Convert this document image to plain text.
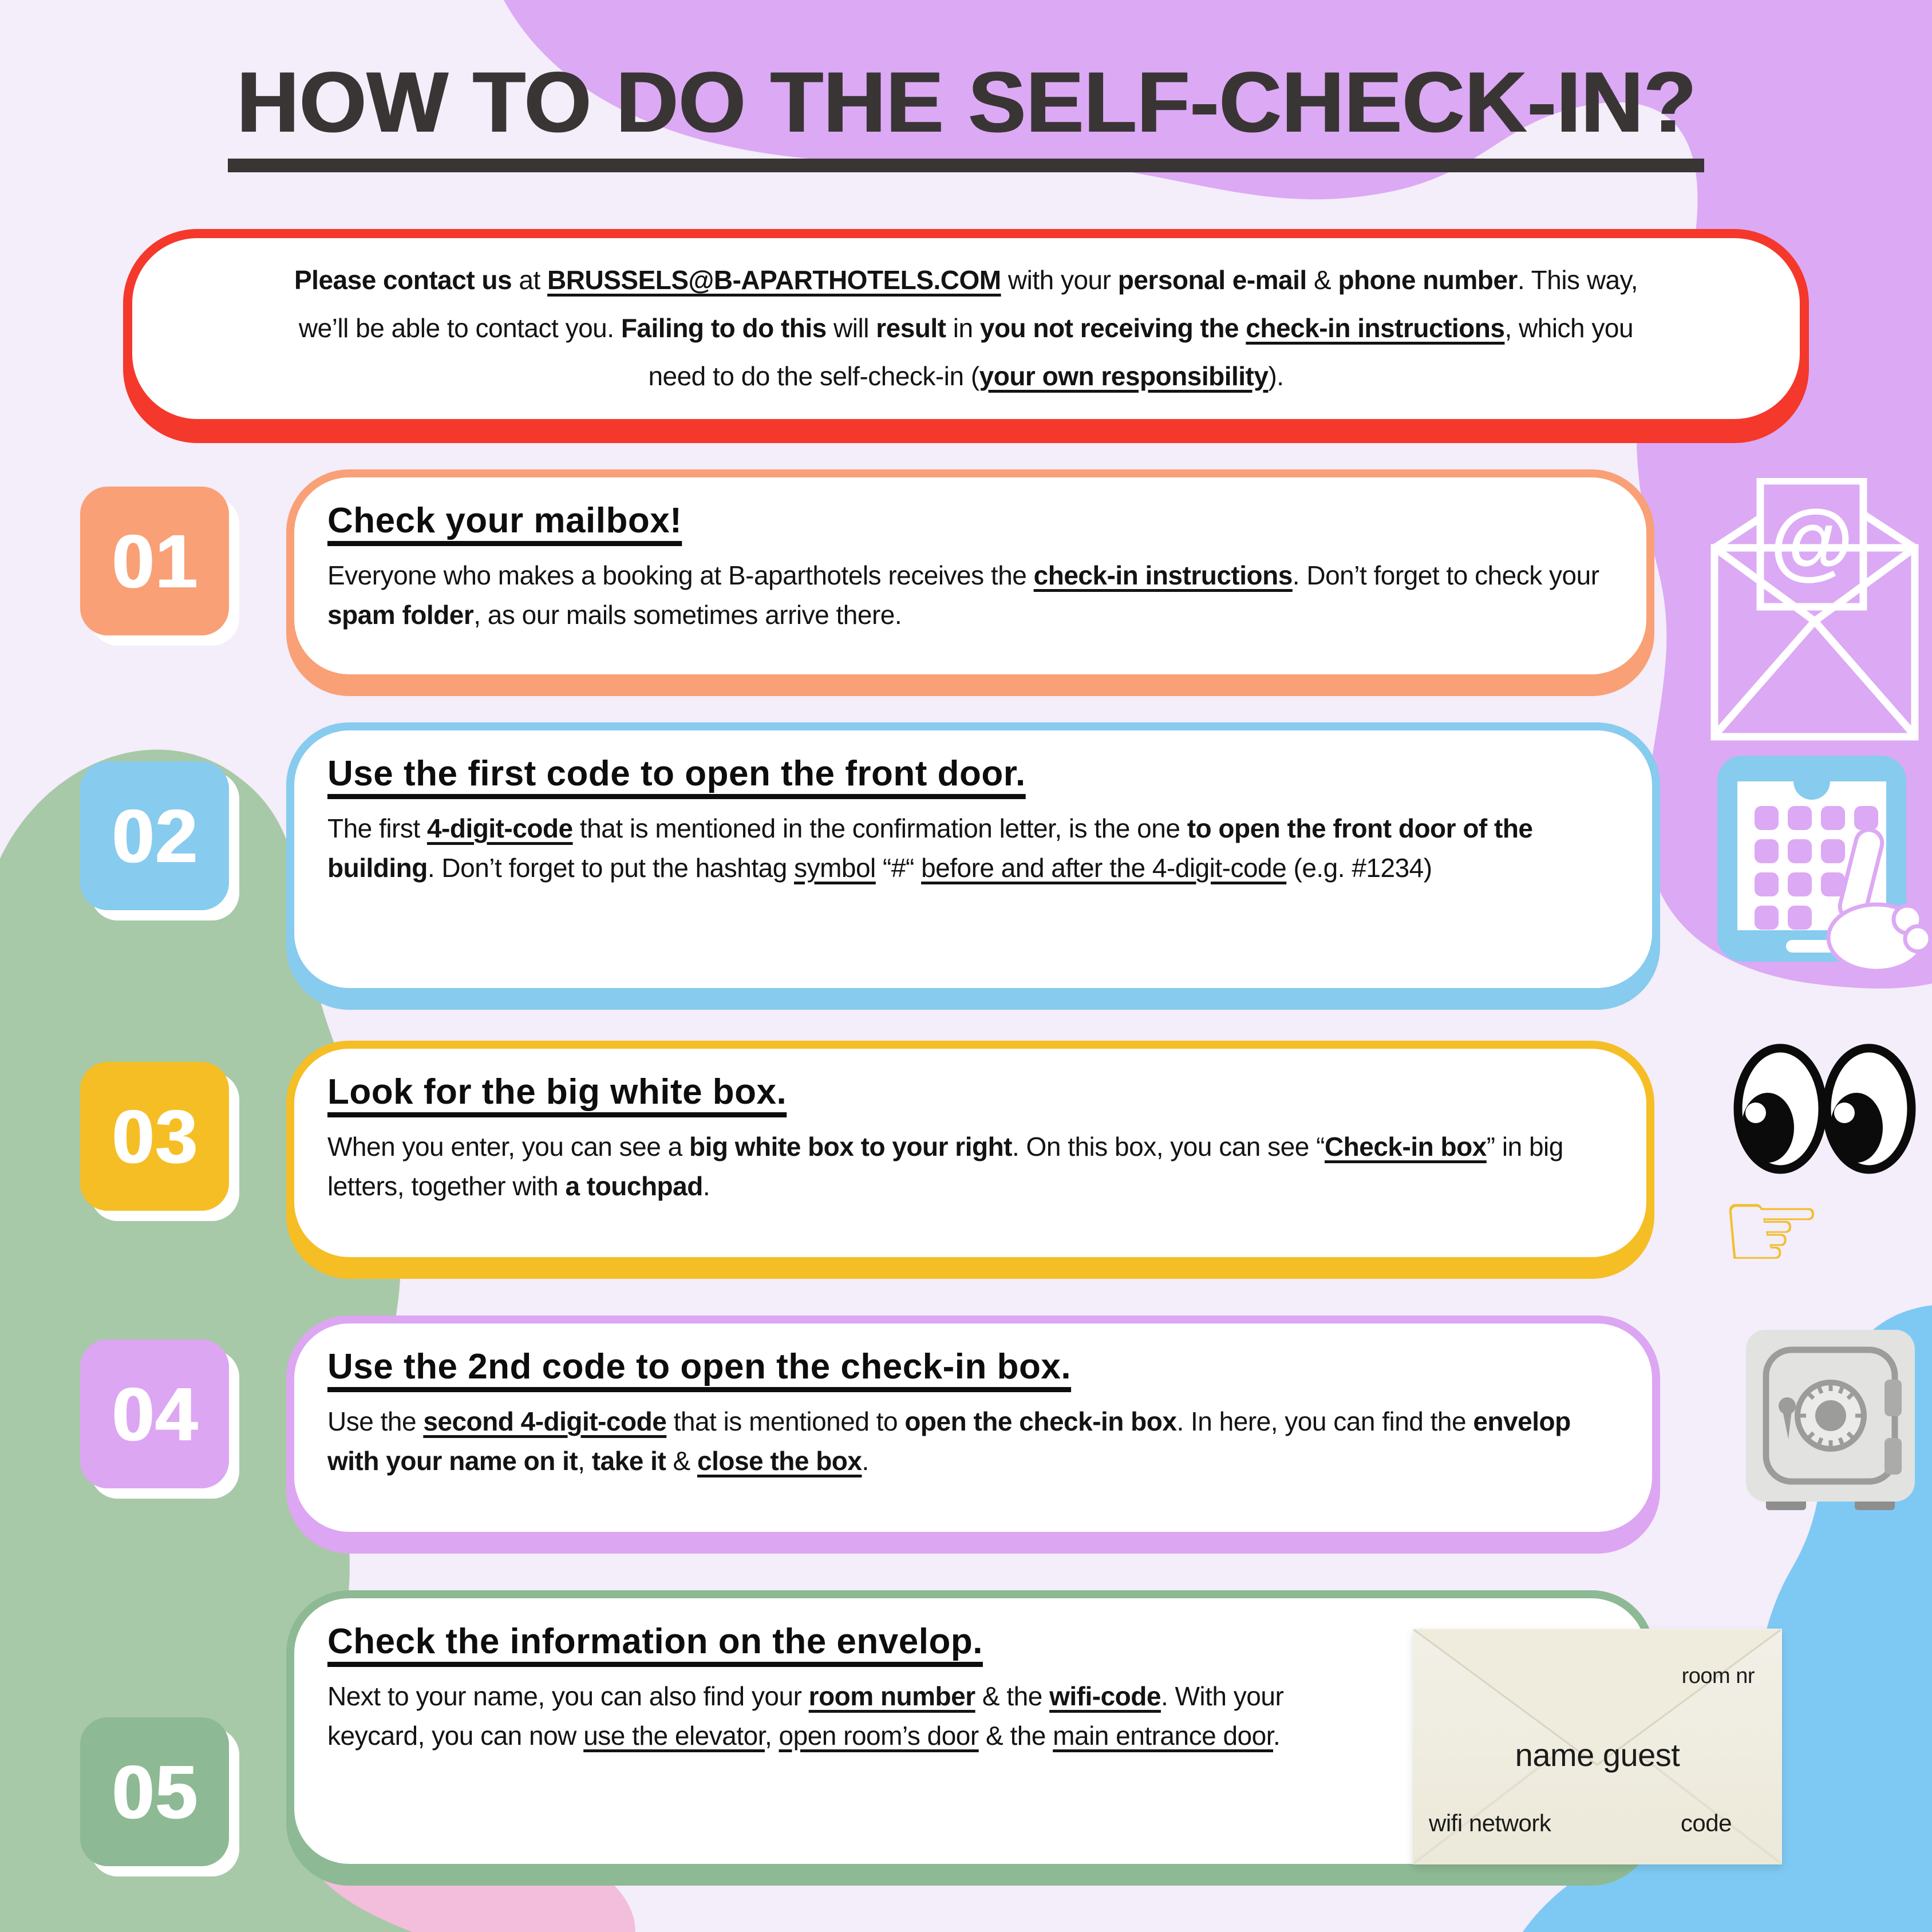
HOW TO DO THE SELF-CHECK-IN?

Please contact us at BRUSSELS@B-APARTHOTELS.COM with your personal e-mail & phone number. This way, we’ll be able to contact you. Failing to do this will result in you not receiving the check-in instructions, which you need to do the self-check-in (your own responsibility).

Check your mailbox!

Everyone who makes a booking at B-aparthotels receives the check-in instructions. Don’t forget to check your spam folder, as our mails sometimes arrive there.

Use the first code to open the front door.

The first 4-digit-code that is mentioned in the confirmation letter, is the one to open the front door of the building. Don’t forget to put the hashtag symbol “#“ before and after the 4-digit-code (e.g. #1234)

Look for the big white box.

When you enter, you can see a big white box to your right. On this box, you can see “Check-in box” in big letters, together with a touchpad.

Use the 2nd code to open the check-in box.

Use the second 4-digit-code that is mentioned to open the check-in box. In here, you can find the envelop with your name on it, take it & close the box.

Check the information on the envelop.

Next to your name, you can also find your room number & the wifi-code. With your keycard, you can now use the elevator, open room’s door & the main entrance door.

01
02
03
04
05
@
☞
room nr
name guest
wifi network	code
